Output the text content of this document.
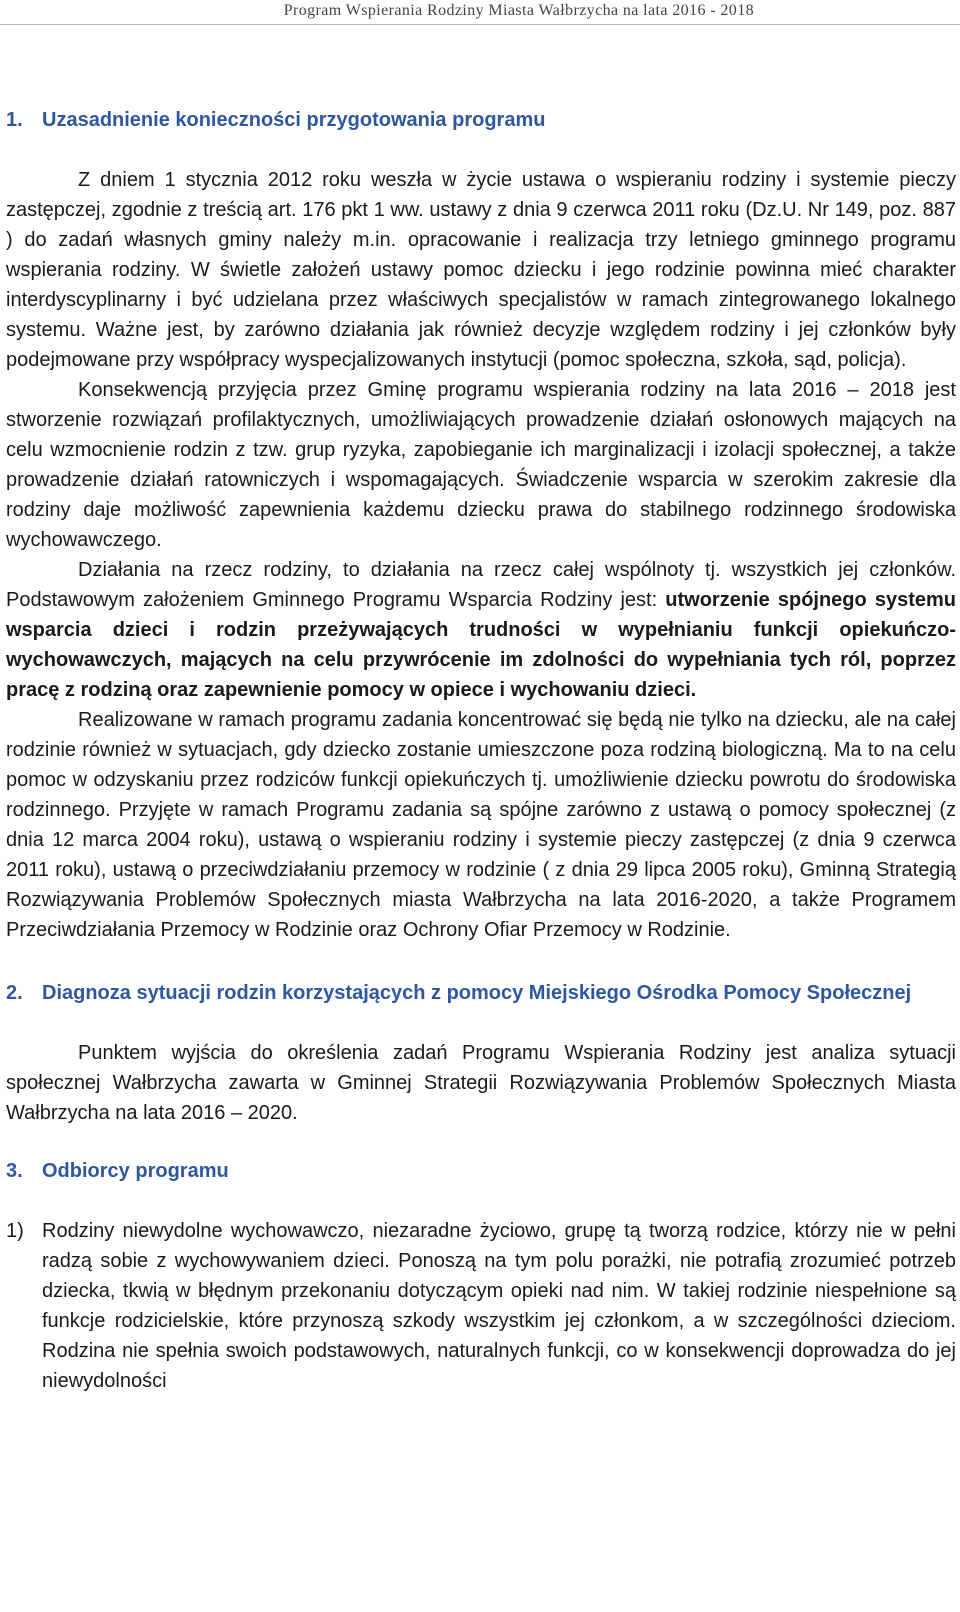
Program Wspierania Rodziny Miasta Wałbrzycha na lata 2016 - 2018
1. Uzasadnienie konieczności przygotowania programu

Z dniem 1 stycznia 2012 roku weszła w życie ustawa o wspieraniu rodziny i systemie pieczy zastępczej, zgodnie z treścią art. 176 pkt 1 ww. ustawy z dnia 9 czerwca 2011 roku (Dz.U. Nr 149, poz. 887 ) do zadań własnych gminy należy m.in. opracowanie i realizacja trzy letniego gminnego programu wspierania rodziny. W świetle założeń ustawy pomoc dziecku i jego rodzinie powinna mieć charakter interdyscyplinarny i być udzielana przez właściwych specjalistów w ramach zintegrowanego lokalnego systemu. Ważne jest, by zarówno działania jak również decyzje względem rodziny i jej członków były podejmowane przy współpracy wyspecjalizowanych instytucji (pomoc społeczna, szkoła, sąd, policja).

Konsekwencją przyjęcia przez Gminę programu wspierania rodziny na lata 2016 – 2018 jest stworzenie rozwiązań profilaktycznych, umożliwiających prowadzenie działań osłonowych mających na celu wzmocnienie rodzin z tzw. grup ryzyka, zapobieganie ich marginalizacji i izolacji społecznej, a także prowadzenie działań ratowniczych i wspomagających. Świadczenie wsparcia w szerokim zakresie dla rodziny daje możliwość zapewnienia każdemu dziecku prawa do stabilnego rodzinnego środowiska wychowawczego.

Działania na rzecz rodziny, to działania na rzecz całej wspólnoty tj. wszystkich jej członków. Podstawowym założeniem Gminnego Programu Wsparcia Rodziny jest: utworzenie spójnego systemu wsparcia dzieci i rodzin przeżywających trudności w wypełnianiu funkcji opiekuńczo- wychowawczych, mających na celu przywrócenie im zdolności do wypełniania tych ról, poprzez pracę z rodziną oraz zapewnienie pomocy w opiece i wychowaniu dzieci.

Realizowane w ramach programu zadania koncentrować się będą nie tylko na dziecku, ale na całej rodzinie również w sytuacjach, gdy dziecko zostanie umieszczone poza rodziną biologiczną. Ma to na celu pomoc w odzyskaniu przez rodziców funkcji opiekuńczych tj. umożliwienie dziecku powrotu do środowiska rodzinnego. Przyjęte w ramach Programu zadania są spójne zarówno z ustawą o pomocy społecznej (z dnia 12 marca 2004 roku), ustawą o wspieraniu rodziny i systemie pieczy zastępczej (z dnia 9 czerwca 2011 roku), ustawą o przeciwdziałaniu przemocy w rodzinie ( z dnia 29 lipca 2005 roku), Gminną Strategią Rozwiązywania Problemów Społecznych miasta Wałbrzycha na lata 2016-2020, a także Programem Przeciwdziałania Przemocy w Rodzinie oraz Ochrony Ofiar Przemocy w Rodzinie.

2. Diagnoza sytuacji rodzin korzystających z pomocy Miejskiego Ośrodka Pomocy Społecznej

Punktem wyjścia do określenia zadań Programu Wspierania Rodziny jest analiza sytuacji społecznej Wałbrzycha zawarta w Gminnej Strategii Rozwiązywania Problemów Społecznych Miasta Wałbrzycha na lata 2016 – 2020.

3. Odbiorcy programu
1) Rodziny niewydolne wychowawczo, niezaradne życiowo, grupę tą tworzą rodzice, którzy nie w pełni radzą sobie z wychowywaniem dzieci. Ponoszą na tym polu porażki, nie potrafią zrozumieć potrzeb dziecka, tkwią w błędnym przekonaniu dotyczącym opieki nad nim. W takiej rodzinie niespełnione są funkcje rodzicielskie, które przynoszą szkody wszystkim jej członkom, a w szczególności dzieciom. Rodzina nie spełnia swoich podstawowych, naturalnych funkcji, co w konsekwencji doprowadza do jej niewydolności
